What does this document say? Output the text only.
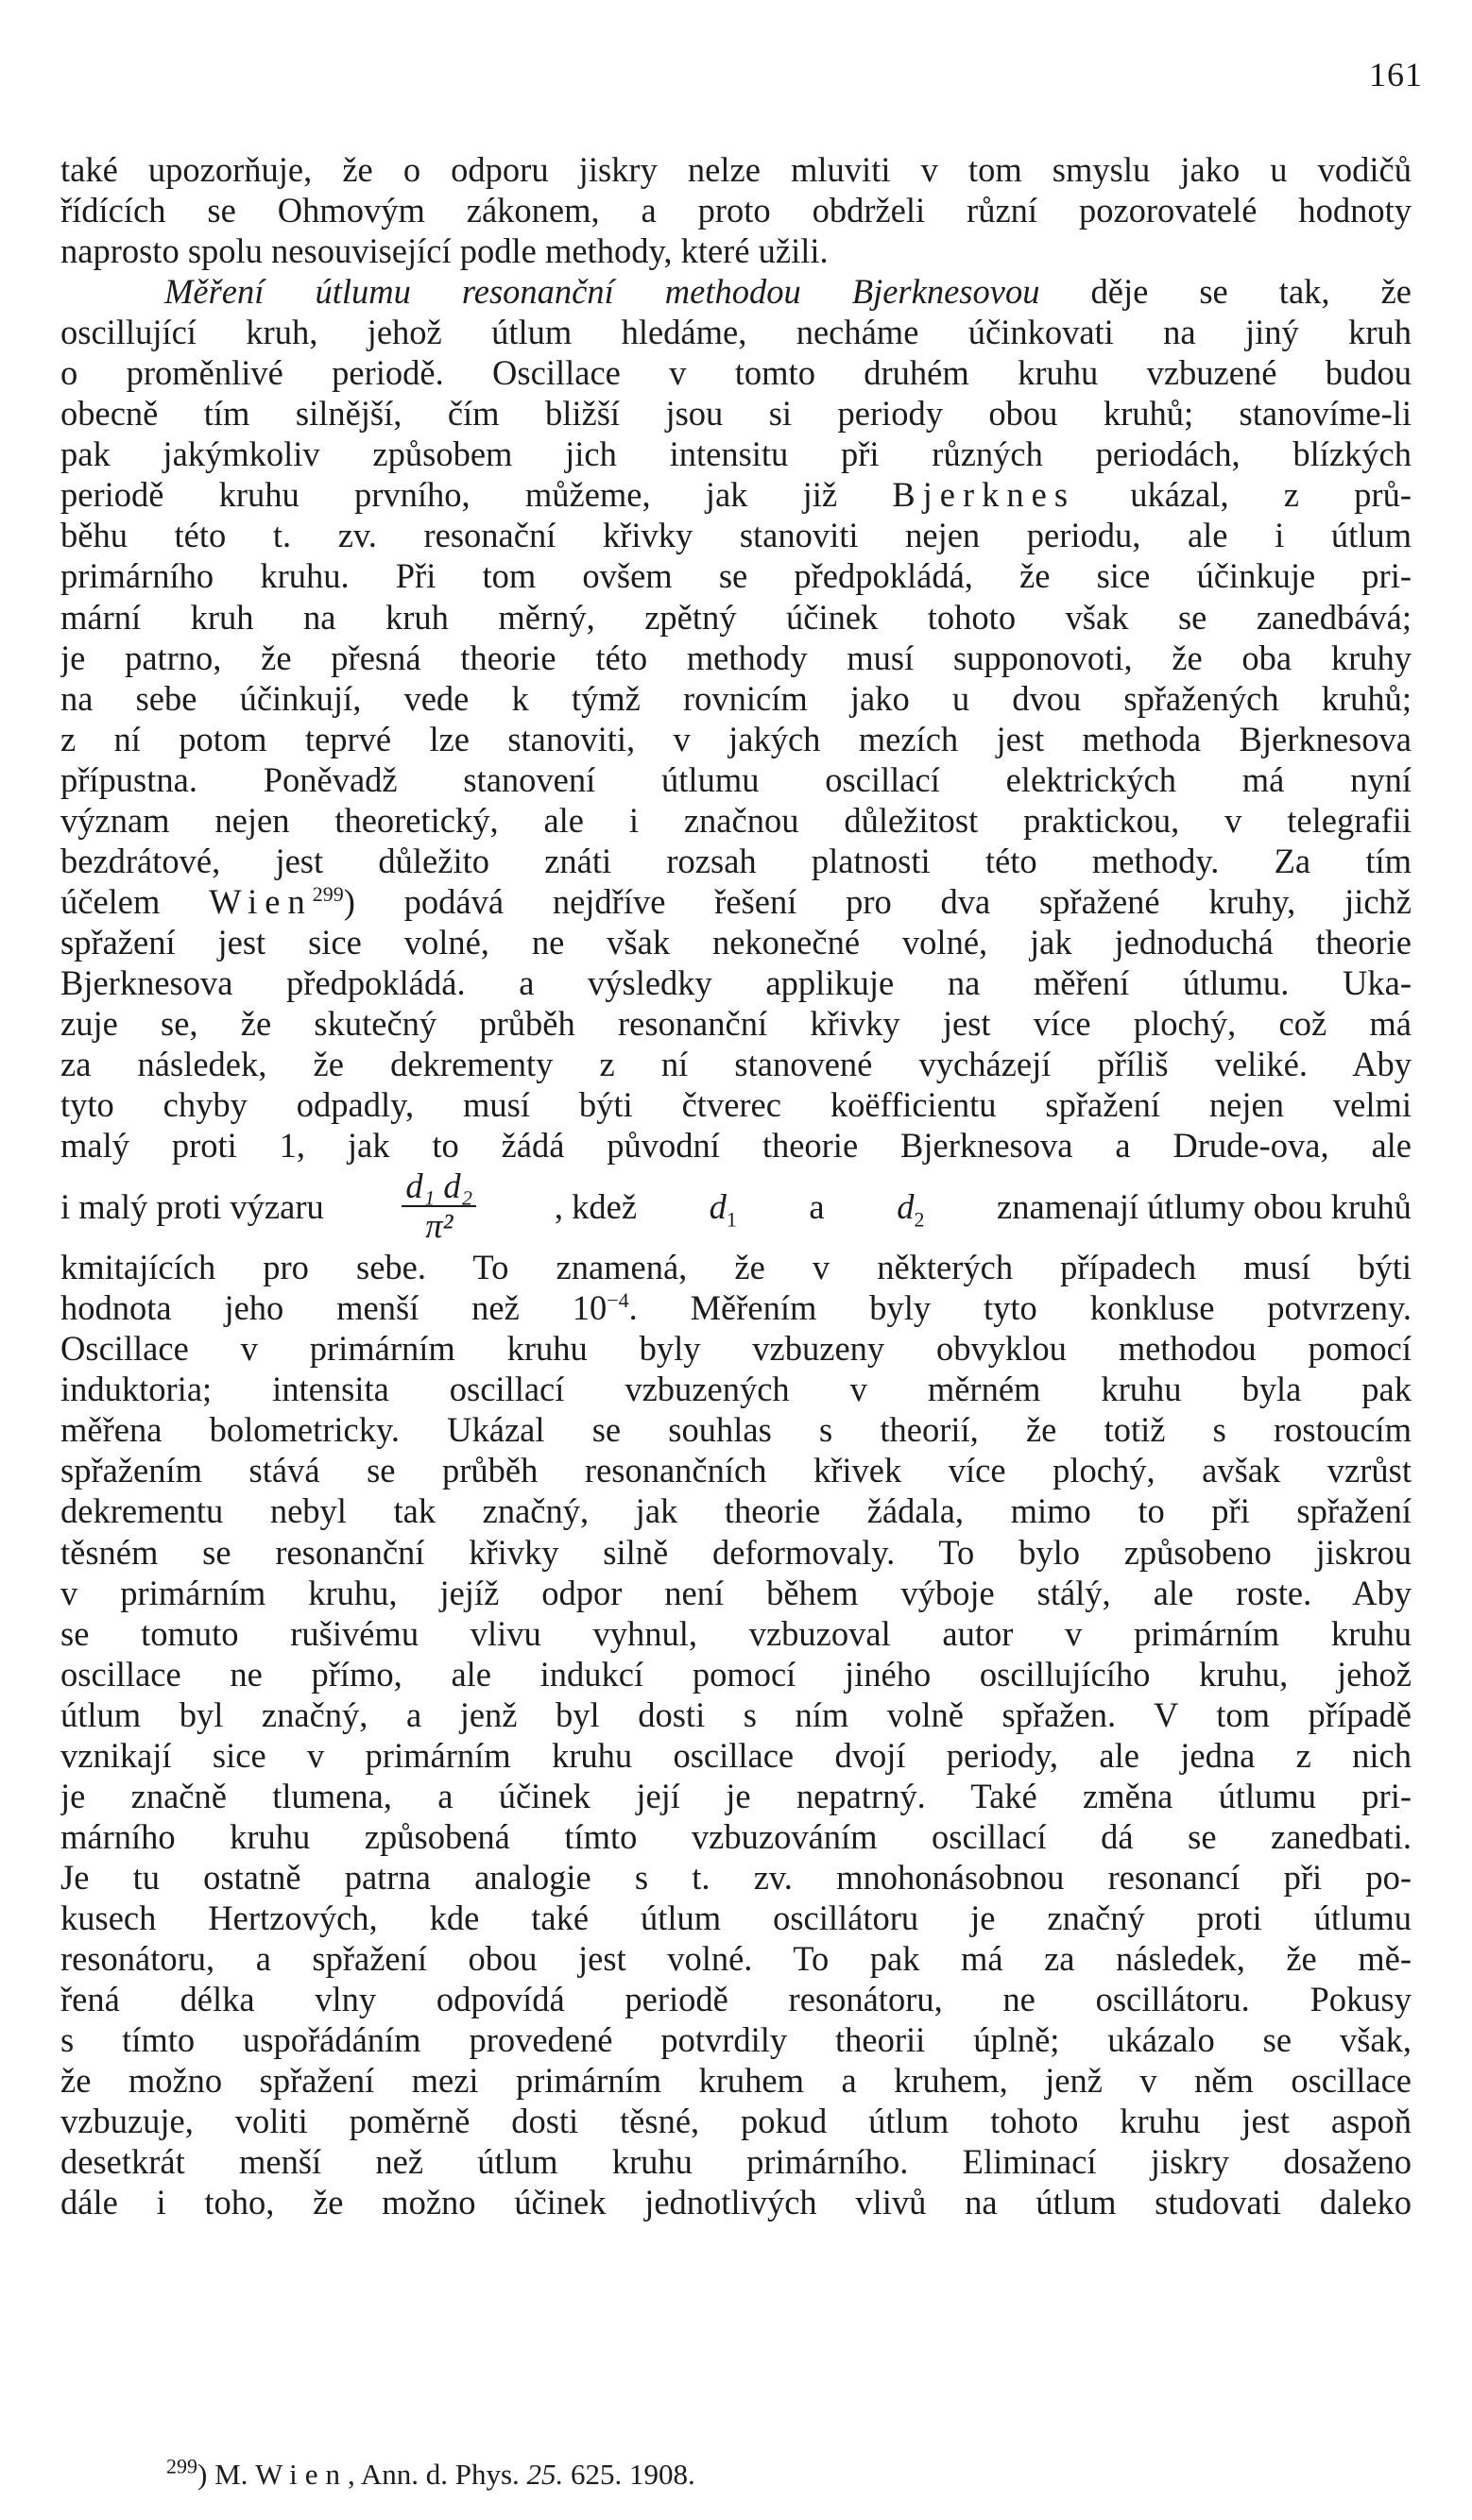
161
také upozorňuje, že o odporu jiskry nelze mluviti v tom smyslu jako u vodičů
řídících se Ohmovým zákonem, a proto obdrželi různí pozorovatelé hodnoty
naprosto spolu nesouvisející podle methody, které užili.
Měření útlumu resonanční methodou Bjerknesovou děje se tak, že
oscillující kruh, jehož útlum hledáme, necháme účinkovati na jiný kruh
o proměnlivé periodě. Oscillace v tomto druhém kruhu vzbuzené budou
obecně tím silnější, čím bližší jsou si periody obou kruhů; stanovíme-li
pak jakýmkoliv způsobem jich intensitu při různých periodách, blízkých
periodě kruhu prvního, můžeme, jak již Bjerknes ukázal, z prů-
běhu této t. zv. resonační křivky stanoviti nejen periodu, ale i útlum
primárního kruhu. Při tom ovšem se předpokládá, že sice účinkuje pri-
mární kruh na kruh měrný, zpětný účinek tohoto však se zanedbává;
je patrno, že přesná theorie této methody musí supponovoti, že oba kruhy
na sebe účinkují, vede k týmž rovnicím jako u dvou spřažených kruhů;
z ní potom teprvé lze stanoviti, v jakých mezích jest methoda Bjerknesova
přípustna. Poněvadž stanovení útlumu oscillací elektrických má nyní
význam nejen theoretický, ale i značnou důležitost praktickou, v telegrafii
bezdrátové, jest důležito znáti rozsah platnosti této methody. Za tím
účelem Wien$^{299}$) podává nejdříve řešení pro dva spřažené kruhy, jichž
spřažení jest sice volné, ne však nekonečné volné, jak jednoduchá theorie
Bjerknesova předpokládá. a výsledky applikuje na měření útlumu. Uka-
zuje se, že skutečný průběh resonanční křivky jest více plochý, což má
za následek, že dekrementy z ní stanovené vycházejí příliš veliké. Aby
tyto chyby odpadly, musí býti čtverec koëfficientu spřažení nejen velmi
malý proti 1, jak to žádá původní theorie Bjerknesova a Drude-ova, ale
i malý proti výzaru $\frac{\text{d₁ d₂}}{\text{π²}}$ , kdež $d_1$ a $d_2$ znamenají útlumy obou kruhů
kmitajících pro sebe. To znamená, že v některých případech musí býti
hodnota jeho menší než $10^{-4}$. Měřením byly tyto konkluse potvrzeny.
Oscillace v primárním kruhu byly vzbuzeny obvyklou methodou pomocí
induktoria; intensita oscillací vzbuzených v měrném kruhu byla pak
měřena bolometricky. Ukázal se souhlas s theorií, že totiž s rostoucím
spřažením stává se průběh resonančních křivek více plochý, avšak vzrůst
dekrementu nebyl tak značný, jak theorie žádala, mimo to při spřažení
těsném se resonanční křivky silně deformovaly. To bylo způsobeno jiskrou
v primárním kruhu, jejíž odpor není během výboje stálý, ale roste. Aby
se tomuto rušivému vlivu vyhnul, vzbuzoval autor v primárním kruhu
oscillace ne přímo, ale indukcí pomocí jiného oscillujícího kruhu, jehož
útlum byl značný, a jenž byl dosti s ním volně spřažen. V tom případě
vznikají sice v primárním kruhu oscillace dvojí periody, ale jedna z nich
je značně tlumena, a účinek její je nepatrný. Také změna útlumu pri-
márního kruhu způsobená tímto vzbuzováním oscillací dá se zanedbati.
Je tu ostatně patrna analogie s t. zv. mnohonásobnou resonancí při po-
kusech Hertzových, kde také útlum oscillátoru je značný proti útlumu
resonátoru, a spřažení obou jest volné. To pak má za následek, že mě-
řená délka vlny odpovídá periodě resonátoru, ne oscillátoru. Pokusy
s tímto uspořádáním provedené potvrdily theorii úplně; ukázalo se však,
že možno spřažení mezi primárním kruhem a kruhem, jenž v něm oscillace
vzbuzuje, voliti poměrně dosti těsné, pokud útlum tohoto kruhu jest aspoň
desetkrát menší než útlum kruhu primárního. Eliminací jiskry dosaženo
dále i toho, že možno účinek jednotlivých vlivů na útlum studovati daleko
$^{299}$) M. Wien, Ann. d. Phys. 25. 625. 1908.
